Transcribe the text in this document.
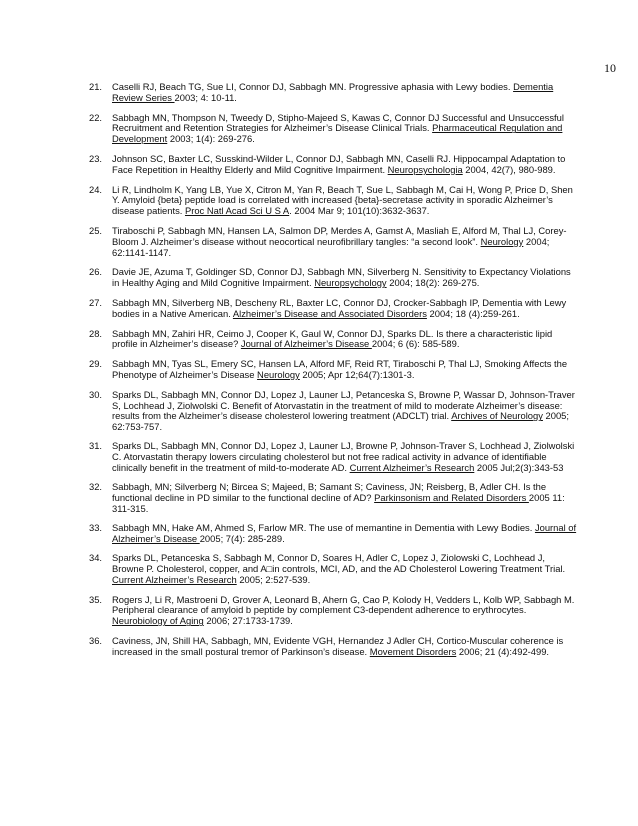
10
21. Caselli RJ, Beach TG, Sue LI, Connor DJ, Sabbagh MN. Progressive aphasia with Lewy bodies. Dementia Review Series 2003; 4: 10-11.
22. Sabbagh MN, Thompson N, Tweedy D, Stipho-Majeed S, Kawas C, Connor DJ Successful and Unsuccessful Recruitment and Retention Strategies for Alzheimer’s Disease Clinical Trials. Pharmaceutical Regulation and Development 2003; 1(4): 269-276.
23. Johnson SC, Baxter LC, Susskind-Wilder L, Connor DJ, Sabbagh MN, Caselli RJ. Hippocampal Adaptation to Face Repetition in Healthy Elderly and Mild Cognitive Impairment. Neuropsychologia 2004, 42(7), 980-989.
24. Li R, Lindholm K, Yang LB, Yue X, Citron M, Yan R, Beach T, Sue L, Sabbagh M, Cai H, Wong P, Price D, Shen Y. Amyloid {beta} peptide load is correlated with increased {beta}-secretase activity in sporadic Alzheimer’s disease patients. Proc Natl Acad Sci U S A. 2004 Mar 9; 101(10):3632-3637.
25. Tiraboschi P, Sabbagh MN, Hansen LA, Salmon DP, Merdes A, Gamst A, Masliah E, Alford M, Thal LJ, Corey-Bloom J. Alzheimer’s disease without neocortical neurofibrillary tangles: “a second look”. Neurology 2004; 62:1141-1147.
26. Davie JE, Azuma T, Goldinger SD, Connor DJ, Sabbagh MN, Silverberg N. Sensitivity to Expectancy Violations in Healthy Aging and Mild Cognitive Impairment. Neuropsychology 2004; 18(2): 269-275.
27. Sabbagh MN, Silverberg NB, Descheny RL, Baxter LC, Connor DJ, Crocker-Sabbagh IP, Dementia with Lewy bodies in a Native American. Alzheimer’s Disease and Associated Disorders 2004; 18 (4):259-261.
28. Sabbagh MN, Zahiri HR, Ceimo J, Cooper K, Gaul W, Connor DJ, Sparks DL. Is there a characteristic lipid profile in Alzheimer’s disease? Journal of Alzheimer’s Disease 2004; 6 (6): 585-589.
29. Sabbagh MN, Tyas SL, Emery SC, Hansen LA, Alford MF, Reid RT, Tiraboschi P, Thal LJ, Smoking Affects the Phenotype of Alzheimer’s Disease Neurology 2005; Apr 12;64(7):1301-3.
30. Sparks DL, Sabbagh MN, Connor DJ, Lopez J, Launer LJ, Petanceska S, Browne P, Wassar D, Johnson-Traver S, Lochhead J, Ziolwolski C. Benefit of Atorvastatin in the treatment of mild to moderate Alzheimer’s disease: results from the Alzheimer’s disease cholesterol lowering treatment (ADCLT) trial. Archives of Neurology 2005; 62:753-757.
31. Sparks DL, Sabbagh MN, Connor DJ, Lopez J, Launer LJ, Browne P, Johnson-Traver S, Lochhead J, Ziolwolski C. Atorvastatin therapy lowers circulating cholesterol but not free radical activity in advance of identifiable clinically benefit in the treatment of mild-to-moderate AD. Current Alzheimer’s Research 2005 Jul;2(3):343-53
32. Sabbagh, MN; Silverberg N; Bircea S; Majeed, B; Samant S; Caviness, JN; Reisberg, B, Adler CH. Is the functional decline in PD similar to the functional decline of AD? Parkinsonism and Related Disorders 2005 11: 311-315.
33. Sabbagh MN, Hake AM, Ahmed S, Farlow MR. The use of memantine in Dementia with Lewy Bodies. Journal of Alzheimer’s Disease 2005; 7(4): 285-289.
34. Sparks DL, Petanceska S, Sabbagh M, Connor D, Soares H, Adler C, Lopez J, Ziolowski C, Lochhead J, Browne P. Cholesterol, copper, and A□in controls, MCI, AD, and the AD Cholesterol Lowering Treatment Trial. Current Alzheimer’s Research 2005; 2:527-539.
35. Rogers J, Li R, Mastroeni D, Grover A, Leonard B, Ahern G, Cao P, Kolody H, Vedders L, Kolb WP, Sabbagh M. Peripheral clearance of amyloid b peptide by complement C3-dependent adherence to erythrocytes. Neurobiology of Aging 2006; 27:1733-1739.
36. Caviness, JN, Shill HA, Sabbagh, MN, Evidente VGH, Hernandez J Adler CH, Cortico-Muscular coherence is increased in the small postural tremor of Parkinson’s disease. Movement Disorders 2006; 21 (4):492-499.
